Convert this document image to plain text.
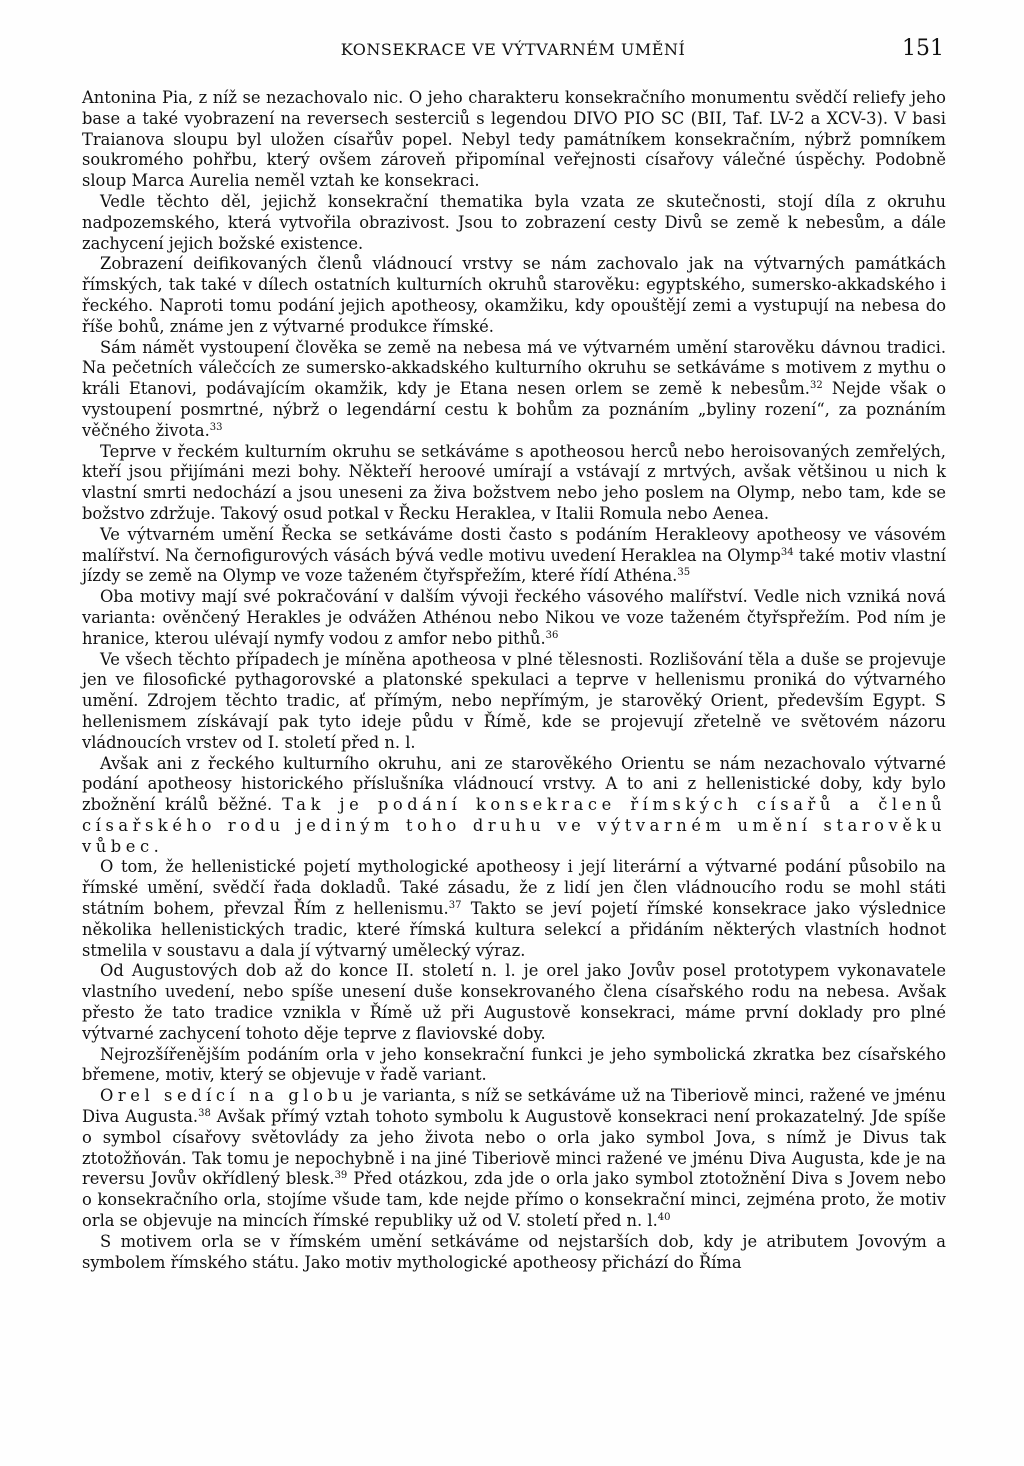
KONSEKRACE VE VÝTVARNÉM UMĚNÍ	151

Antonina Pia, z níž se nezachovalo nic. O jeho charakteru konsekračního monumentu svědčí reliefy jeho base a také vyobrazení na reversech sesterciů s legendou DIVO PIO SC (BII, Taf. LV-2 a XCV-3). V basi Traianova sloupu byl uložen císařův popel. Nebyl tedy památníkem konsekračním, nýbrž pomníkem soukromého pohřbu, který ovšem zároveň připomínal veřejnosti císařovy válečné úspěchy. Podobně sloup Marca Aurelia neměl vztah ke konsekraci.

Vedle těchto děl, jejichž konsekrační thematika byla vzata ze skutečnosti, stojí díla z okruhu nadpozemského, která vytvořila obrazivost. Jsou to zobrazení cesty Divů se země k nebesům, a dále zachycení jejich božské existence.

Zobrazení deifikovaných členů vládnoucí vrstvy se nám zachovalo jak na výtvarných památkách římských, tak také v dílech ostatních kulturních okruhů starověku: egyptského, sumersko-akkadského i řeckého. Naproti tomu podání jejich apotheosy, okamžiku, kdy opouštějí zemi a vystupují na nebesa do říše bohů, známe jen z výtvarné produkce římské.

Sám námět vystoupení člověka se země na nebesa má ve výtvarném umění starověku dávnou tradici. Na pečetních válečcích ze sumersko-akkadského kulturního okruhu se setkáváme s motivem z mythu o králi Etanovi, podávajícím okamžik, kdy je Etana nesen orlem se země k nebesům.$^{32}$ Nejde však o vystoupení posmrtné, nýbrž o legendární cestu k bohům za poznáním „byliny rození“, za poznáním věčného života.$^{33}$

Teprve v řeckém kulturním okruhu se setkáváme s apotheosou herců nebo heroisovaných zemřelých, kteří jsou přijímáni mezi bohy. Někteří heroové umírají a vstávají z mrtvých, avšak většinou u nich k vlastní smrti nedochází a jsou uneseni za živa božstvem nebo jeho poslem na Olymp, nebo tam, kde se božstvo zdržuje. Takový osud potkal v Řecku Heraklea, v Italii Romula nebo Aenea.

Ve výtvarném umění Řecka se setkáváme dosti často s podáním Herakleovy apotheosy ve vásovém malířství. Na černofigurových vásách bývá vedle motivu uvedení Heraklea na Olymp$^{34}$ také motiv vlastní jízdy se země na Olymp ve voze taženém čtyřspřežím, které řídí Athéna.$^{35}$

Oba motivy mají své pokračování v dalším vývoji řeckého vásového malířství. Vedle nich vzniká nová varianta: ověnčený Herakles je odvážen Athénou nebo Nikou ve voze taženém čtyřspřežím. Pod ním je hranice, kterou ulévají nymfy vodou z amfor nebo pithů.$^{36}$

Ve všech těchto případech je míněna apotheosa v plné tělesnosti. Rozlišování těla a duše se projevuje jen ve filosofické pythagorovské a platonské spekulaci a teprve v hellenismu proniká do výtvarného umění. Zdrojem těchto tradic, ať přímým, nebo nepřímým, je starověký Orient, především Egypt. S hellenismem získávají pak tyto ideje půdu v Římě, kde se projevují zřetelně ve světovém názoru vládnoucích vrstev od I. století před n. l.

Avšak ani z řeckého kulturního okruhu, ani ze starověkého Orientu se nám nezachovalo výtvarné podání apotheosy historického příslušníka vládnoucí vrstvy. A to ani z hellenistické doby, kdy bylo zbožnění králů běžné. Tak je podání konsekrace římských císařů a členů císařského rodu jediným toho druhu ve výtvarném umění starověku vůbec.

O tom, že hellenistické pojetí mythologické apotheosy i její literární a výtvarné podání působilo na římské umění, svědčí řada dokladů. Také zásadu, že z lidí jen člen vládnoucího rodu se mohl státi státním bohem, převzal Řím z hellenismu.$^{37}$ Takto se jeví pojetí římské konsekrace jako výslednice několika hellenistických tradic, které římská kultura selekcí a přidáním některých vlastních hodnot stmelila v soustavu a dala jí výtvarný umělecký výraz.

Od Augustových dob až do konce II. století n. l. je orel jako Jovův posel prototypem vykonavatele vlastního uvedení, nebo spíše unesení duše konsekrovaného člena císařského rodu na nebesa. Avšak přesto že tato tradice vznikla v Římě už při Augustově konsekraci, máme první doklady pro plné výtvarné zachycení tohoto děje teprve z flaviovské doby.

Nejrozšířenějším podáním orla v jeho konsekrační funkci je jeho symbolická zkratka bez císařského břemene, motiv, který se objevuje v řadě variant.

Orel sedící na globu je varianta, s níž se setkáváme už na Tiberiově minci, ražené ve jménu Diva Augusta.$^{38}$ Avšak přímý vztah tohoto symbolu k Augustově konsekraci není prokazatelný. Jde spíše o symbol císařovy světovlády za jeho života nebo o orla jako symbol Jova, s nímž je Divus tak ztotožňován. Tak tomu je nepochybně i na jiné Tiberiově minci ražené ve jménu Diva Augusta, kde je na reversu Jovův okřídlený blesk.$^{39}$ Před otázkou, zda jde o orla jako symbol ztotožnění Diva s Jovem nebo o konsekračního orla, stojíme všude tam, kde nejde přímo o konsekrační minci, zejména proto, že motiv orla se objevuje na mincích římské republiky už od V. století před n. l.$^{40}$

S motivem orla se v římském umění setkáváme od nejstarších dob, kdy je atributem Jovovým a symbolem římského státu. Jako motiv mythologické apotheosy přichází do Říma
